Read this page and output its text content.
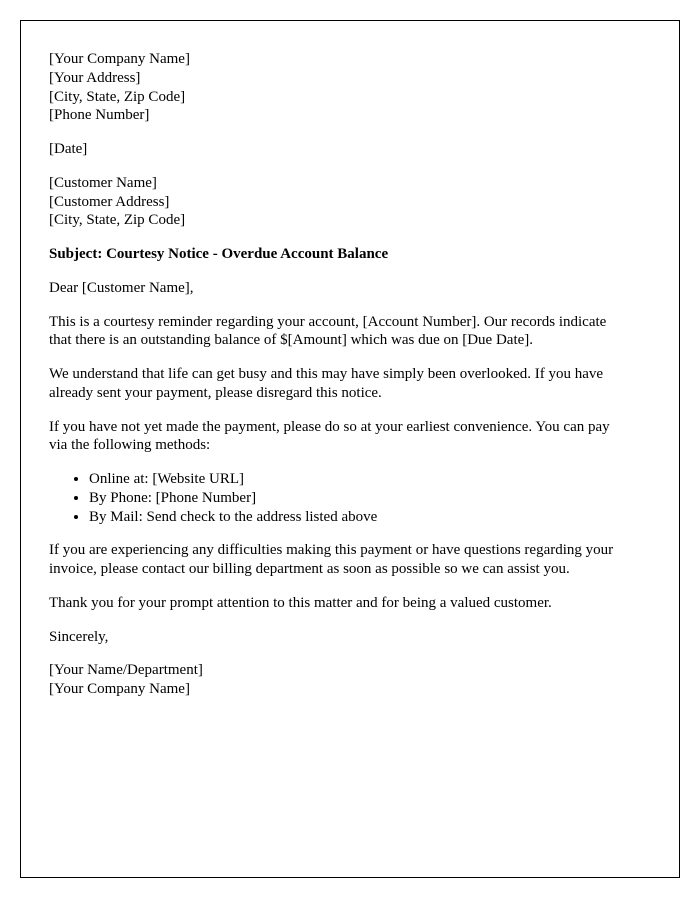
[Your Company Name]
[Your Address]
[City, State, Zip Code]
[Phone Number]
[Date]
[Customer Name]
[Customer Address]
[City, State, Zip Code]
Subject: Courtesy Notice - Overdue Account Balance
Dear [Customer Name],

This is a courtesy reminder regarding your account, [Account Number]. Our records indicate that there is an outstanding balance of $[Amount] which was due on [Due Date].

We understand that life can get busy and this may have simply been overlooked. If you have already sent your payment, please disregard this notice.

If you have not yet made the payment, please do so at your earliest convenience. You can pay via the following methods:

• Online at: [Website URL]
• By Phone: [Phone Number]
• By Mail: Send check to the address listed above

If you are experiencing any difficulties making this payment or have questions regarding your invoice, please contact our billing department as soon as possible so we can assist you.

Thank you for your prompt attention to this matter and for being a valued customer.

Sincerely,

[Your Name/Department]
[Your Company Name]
